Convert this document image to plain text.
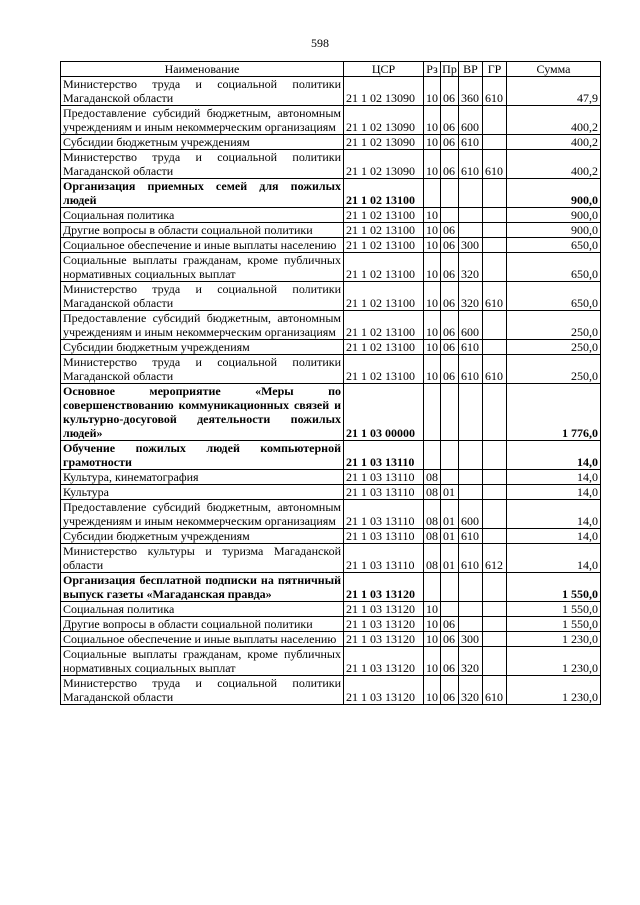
598
Наименование	ЦСР	Рз	Пр	ВР	ГР	Сумма
Министерство труда и социальной политики Магаданской области	21 1 02 13090	10	06	360	610	47,9
Предоставление субсидий бюджетным, автономным учреждениям и иным некоммерческим организациям	21 1 02 13090	10	06	600		400,2
Субсидии бюджетным учреждениям	21 1 02 13090	10	06	610		400,2
Министерство труда и социальной политики Магаданской области	21 1 02 13090	10	06	610	610	400,2
Организация приемных семей для пожилых людей	21 1 02 13100					900,0
Социальная политика	21 1 02 13100	10				900,0
Другие вопросы в области социальной политики	21 1 02 13100	10	06			900,0
Социальное обеспечение и иные выплаты населению	21 1 02 13100	10	06	300		650,0
Социальные выплаты гражданам, кроме публичных нормативных социальных выплат	21 1 02 13100	10	06	320		650,0
Министерство труда и социальной политики Магаданской области	21 1 02 13100	10	06	320	610	650,0
Предоставление субсидий бюджетным, автономным учреждениям и иным некоммерческим организациям	21 1 02 13100	10	06	600		250,0
Субсидии бюджетным учреждениям	21 1 02 13100	10	06	610		250,0
Министерство труда и социальной политики Магаданской области	21 1 02 13100	10	06	610	610	250,0
Основное мероприятие «Меры по совершенствованию коммуникационных связей и культурно-досуговой деятельности пожилых людей»	21 1 03 00000					1 776,0
Обучение пожилых людей компьютерной грамотности	21 1 03 13110					14,0
Культура, кинематография	21 1 03 13110	08				14,0
Культура	21 1 03 13110	08	01			14,0
Предоставление субсидий бюджетным, автономным учреждениям и иным некоммерческим организациям	21 1 03 13110	08	01	600		14,0
Субсидии бюджетным учреждениям	21 1 03 13110	08	01	610		14,0
Министерство культуры и туризма Магаданской области	21 1 03 13110	08	01	610	612	14,0
Организация бесплатной подписки на пятничный выпуск газеты «Магаданская правда»	21 1 03 13120					1 550,0
Социальная политика	21 1 03 13120	10				1 550,0
Другие вопросы в области социальной политики	21 1 03 13120	10	06			1 550,0
Социальное обеспечение и иные выплаты населению	21 1 03 13120	10	06	300		1 230,0
Социальные выплаты гражданам, кроме публичных нормативных социальных выплат	21 1 03 13120	10	06	320		1 230,0
Министерство труда и социальной политики Магаданской области	21 1 03 13120	10	06	320	610	1 230,0
